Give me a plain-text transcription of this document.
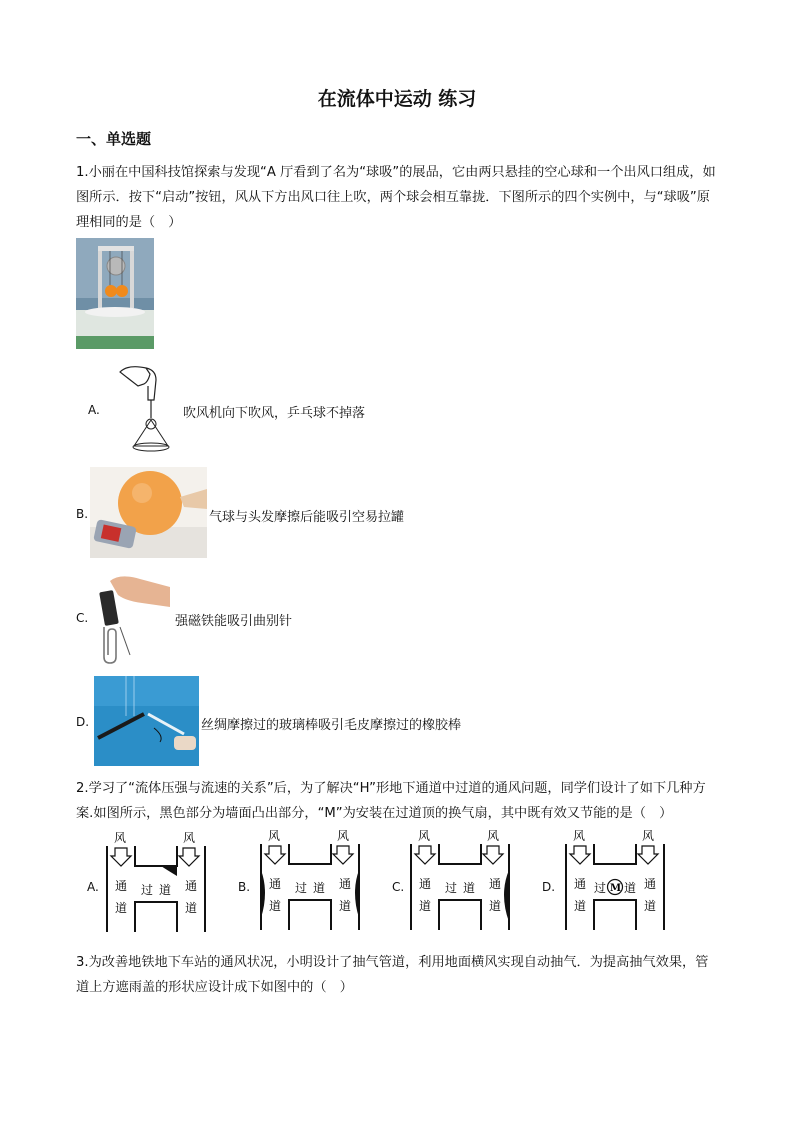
在流体中运动 练习
一、单选题
1.小丽在中国科技馆探索与发现“A 厅看到了名为“球吸”的展品，它由两只悬挂的空心球和一个出风口组成，如图所示．按下“启动”按钮，风从下方出风口往上吹，两个球会相互靠拢．下图所示的四个实例中，与“球吸”原理相同的是（　）
A.	吹风机向下吹风，乒乓球不掉落
B.	气球与头发摩擦后能吸引空易拉罐
C.	强磁铁能吸引曲别针
D.	丝绸摩擦过的玻璃棒吸引毛皮摩擦过的橡胶棒
2.学习了“流体压强与流速的关系”后，为了解决“H”形地下通道中过道的通风问题，同学们设计了如下几种方案.如图所示，黑色部分为墙面凸出部分，“M”为安装在过道顶的换气扇，其中既有效又节能的是（　）
A.
风	风
通
道
通
道
过 道	B.
风	风
通
道
通
道
过 道	C.
风	风
通
道
通
道
过 道	D.
风	风
通
道
通
道
过 M 道
3.为改善地铁地下车站的通风状况，小明设计了抽气管道，利用地面横风实现自动抽气．为提高抽气效果，管道上方遮雨盖的形状应设计成下如图中的（　）
